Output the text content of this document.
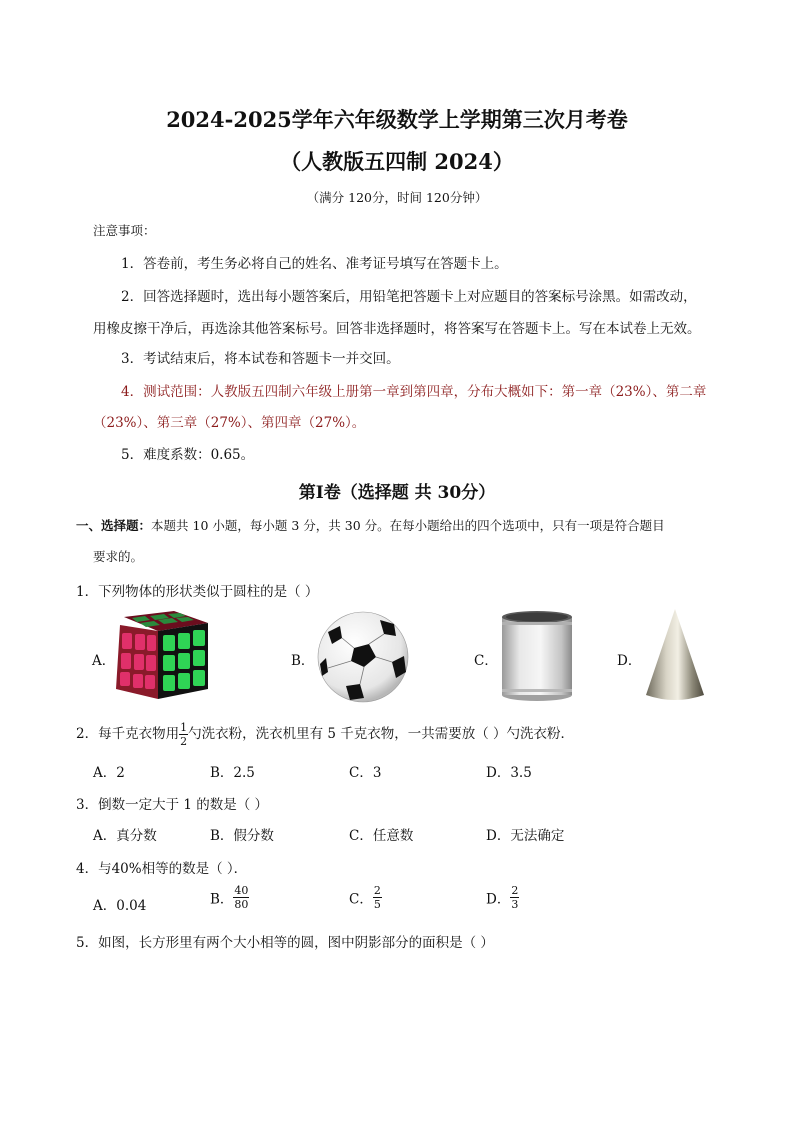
2024-2025学年六年级数学上学期第三次月考卷
（人教版五四制 2024）
（满分 120分，时间 120分钟）
注意事项：
1．答卷前，考生务必将自己的姓名、准考证号填写在答题卡上。
2．回答选择题时，选出每小题答案后，用铅笔把答题卡上对应题目的答案标号涂黑。如需改动，
用橡皮擦干净后，再选涂其他答案标号。回答非选择题时，将答案写在答题卡上。写在本试卷上无效。
3．考试结束后，将本试卷和答题卡一并交回。
4．测试范围：人教版五四制六年级上册第一章到第四章，分布大概如下：第一章（23%）、第二章
（23%）、第三章（27%）、第四章（27%）。
5．难度系数：0.65。
第Ⅰ卷（选择题 共 30分）
一、选择题：本题共 10 小题，每小题 3 分，共 30 分。在每小题给出的四个选项中，只有一项是符合题目
要求的。
1．下列物体的形状类似于圆柱的是（ ）
A．	B．	C．	D．
2．每千克衣物用 $\frac{1}{2}$ 勺洗衣粉，洗衣机里有 5 千克衣物，一共需要放（ ）勺洗衣粉．
A．2	B．2.5	C．3	D．3.5
3．倒数一定大于 1 的数是（ ）
A．真分数	B．假分数	C．任意数	D．无法确定
4．与40%相等的数是（ ）．
A．0.04	B． $\frac{40}{80}$	C． $\frac{2}{5}$	D． $\frac{2}{3}$
5．如图，长方形里有两个大小相等的圆，图中阴影部分的面积是（ ）
